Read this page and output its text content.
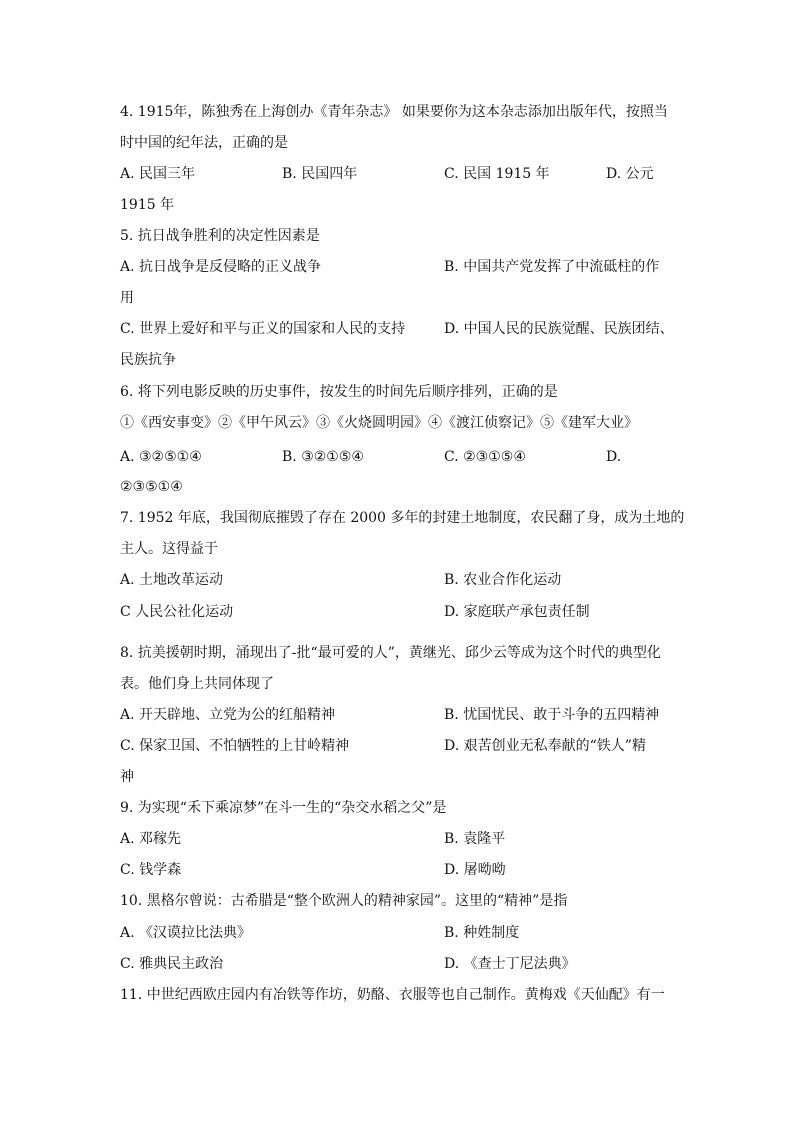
4. 1915年，陈独秀在上海创办《青年杂志》 如果要你为这本杂志添加出版年代，按照当
时中国的纪年法，正确的是
A. 民国三年	B. 民国四年	C. 民国 1915 年	D. 公元
1915 年
5. 抗日战争胜利的决定性因素是
A. 抗日战争是反侵略的正义战争	B. 中国共产党发挥了中流砥柱的作
用
C. 世界上爱好和平与正义的国家和人民的支持	D. 中国人民的民族觉醒、民族团结、
民族抗争
6. 将下列电影反映的历史事件，按发生的时间先后顺序排列，正确的是
①《西安事变》②《甲午风云》③《火烧圆明园》④《渡江侦察记》⑤《建军大业》
A. ③②⑤①④	B. ③②①⑤④	C. ②③①⑤④	D.
②③⑤①④
7. 1952 年底，我国彻底摧毁了存在 2000 多年的封建土地制度，农民翻了身，成为土地的
主人。这得益于
A. 土地改革运动	B. 农业合作化运动
C 人民公社化运动	D. 家庭联产承包责任制
8. 抗美援朝时期，涌现出了-批“最可爱的人”，黄继光、邱少云等成为这个时代的典型化
表。他们身上共同体现了
A. 开天辟地、立党为公的红船精神	B. 忧国忧民、敢于斗争的五四精神
C. 保家卫国、不怕牺牲的上甘岭精神	D. 艰苦创业无私奉献的“铁人”精
神
9. 为实现“禾下乘凉梦”在斗一生的“杂交水稻之父”是
A. 邓稼先	B. 袁隆平
C. 钱学森	D. 屠呦呦
10. 黑格尔曾说：古希腊是“整个欧洲人的精神家园”。这里的“精神”是指
A. 《汉谟拉比法典》	B. 种姓制度
C. 雅典民主政治	D. 《查士丁尼法典》
11. 中世纪西欧庄园内有冶铁等作坊，奶酪、衣服等也自己制作。黄梅戏《天仙配》有一
